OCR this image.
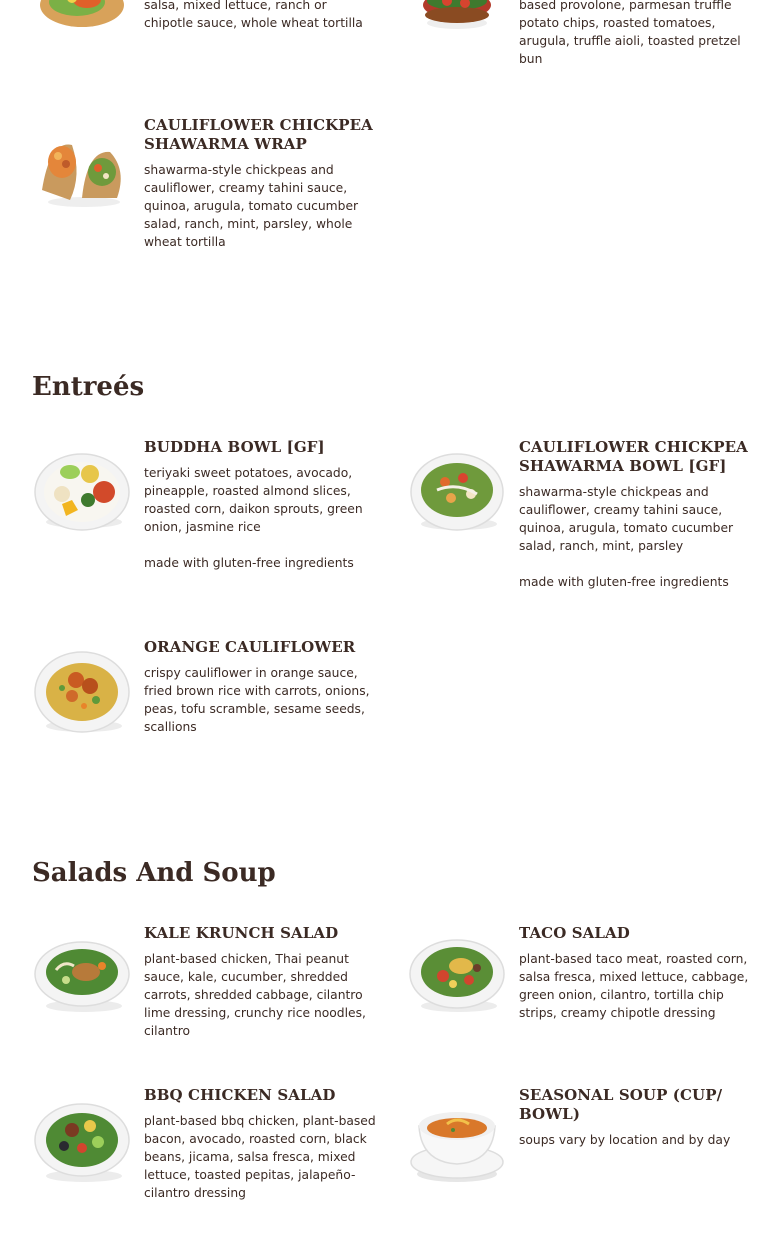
salsa, mixed lettuce, ranch or chipotle sauce, whole wheat tortilla
based provolone, parmesan truffle potato chips, roasted tomatoes, arugula, truffle aioli, toasted pretzel bun
CAULIFLOWER CHICKPEA SHAWARMA WRAP
shawarma-style chickpeas and cauliflower, creamy tahini sauce, quinoa, arugula, tomato cucumber salad, ranch, mint, parsley, whole wheat tortilla
Entreés
BUDDHA BOWL [GF]
teriyaki sweet potatoes, avocado, pineapple, roasted almond slices, roasted corn, daikon sprouts, green onion, jasmine rice
made with gluten-free ingredients
CAULIFLOWER CHICKPEA SHAWARMA BOWL [GF]
shawarma-style chickpeas and cauliflower, creamy tahini sauce, quinoa, arugula, tomato cucumber salad, ranch, mint, parsley
made with gluten-free ingredients
ORANGE CAULIFLOWER
crispy cauliflower in orange sauce, fried brown rice with carrots, onions, peas, tofu scramble, sesame seeds, scallions
Salads And Soup
KALE KRUNCH SALAD
plant-based chicken, Thai peanut sauce, kale, cucumber, shredded carrots, shredded cabbage, cilantro lime dressing, crunchy rice noodles, cilantro
TACO SALAD
plant-based taco meat, roasted corn, salsa fresca, mixed lettuce, cabbage, green onion, cilantro, tortilla chip strips, creamy chipotle dressing
BBQ CHICKEN SALAD
plant-based bbq chicken, plant-based bacon, avocado, roasted corn, black beans, jicama, salsa fresca, mixed lettuce, toasted pepitas, jalapeño-cilantro dressing
SEASONAL SOUP (CUP/ BOWL)
soups vary by location and by day
